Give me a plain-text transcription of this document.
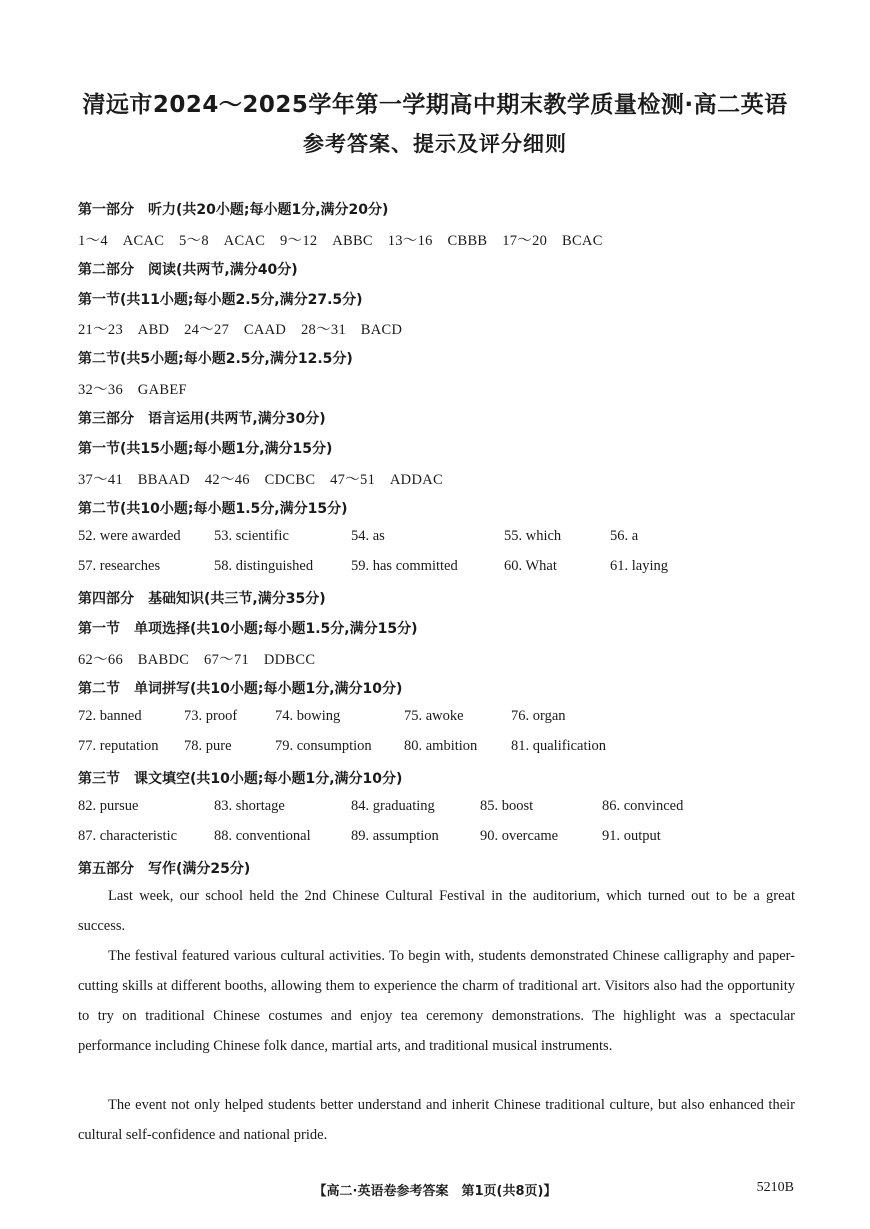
清远市2024～2025学年第一学期高中期末教学质量检测·高二英语
参考答案、提示及评分细则
第一部分　听力(共20小题;每小题1分,满分20分)
1～4　ACAC　5～8　ACAC　9～12　ABBC　13～16　CBBB　17～20　BCAC
第二部分　阅读(共两节,满分40分)
第一节(共11小题;每小题2.5分,满分27.5分)
21～23　ABD　24～27　CAAD　28～31　BACD
第二节(共5小题;每小题2.5分,满分12.5分)
32～36　GABEF
第三部分　语言运用(共两节,满分30分)
第一节(共15小题;每小题1分,满分15分)
37～41　BBAAD　42～46　CDCBC　47～51　ADDAC
第二节(共10小题;每小题1.5分,满分15分)
52. were awarded 53. scientific	54. as	55. which	56. a
57. researches	58. distinguished	59. has committed	60. What	61. laying
第四部分　基础知识(共三节,满分35分)
第一节　单项选择(共10小题;每小题1.5分,满分15分)
62～66　BABDC　67～71　DDBCC
第二节　单词拼写(共10小题;每小题1分,满分10分)
72. banned	73. proof	74. bowing	75. awoke	76. organ
77. reputation 78. pure	79. consumption 80. ambition 81. qualification
第三节　课文填空(共10小题;每小题1分,满分10分)
82. pursue	83. shortage	84. graduating	85. boost	86. convinced
87. characteristic	88. conventional	89. assumption	90. overcame	91. output
第五部分　写作(满分25分)
Last week, our school held the 2nd Chinese Cultural Festival in the auditorium, which turned out to be a great success.
The festival featured various cultural activities. To begin with, students demonstrated Chinese calligraphy and paper-cutting skills at different booths, allowing them to experience the charm of traditional art. Visitors also had the opportunity to try on traditional Chinese costumes and enjoy tea ceremony demonstrations. The highlight was a spectacular performance including Chinese folk dance, martial arts, and traditional musical instruments.
The event not only helped students better understand and inherit Chinese traditional culture, but also enhanced their cultural self-confidence and national pride.
【高二·英语卷参考答案　第1页(共8页)】	5210B
